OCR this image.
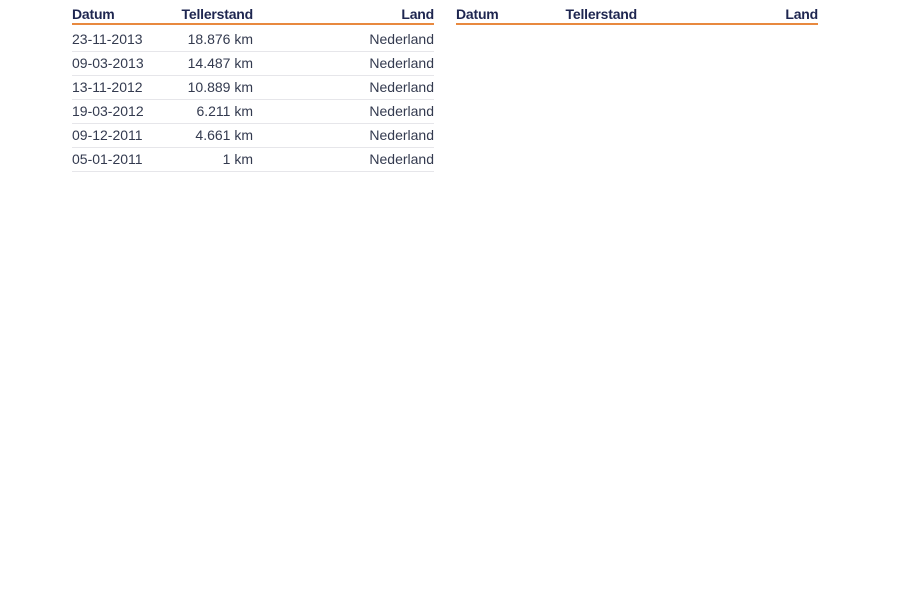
Datum	Tellerstand	Land
23-11-2013	18.876 km	Nederland
09-03-2013	14.487 km	Nederland
13-11-2012	10.889 km	Nederland
19-03-2012	6.211 km	Nederland
09-12-2011	4.661 km	Nederland
05-01-2011	1 km	Nederland
Datum	Tellerstand	Land
